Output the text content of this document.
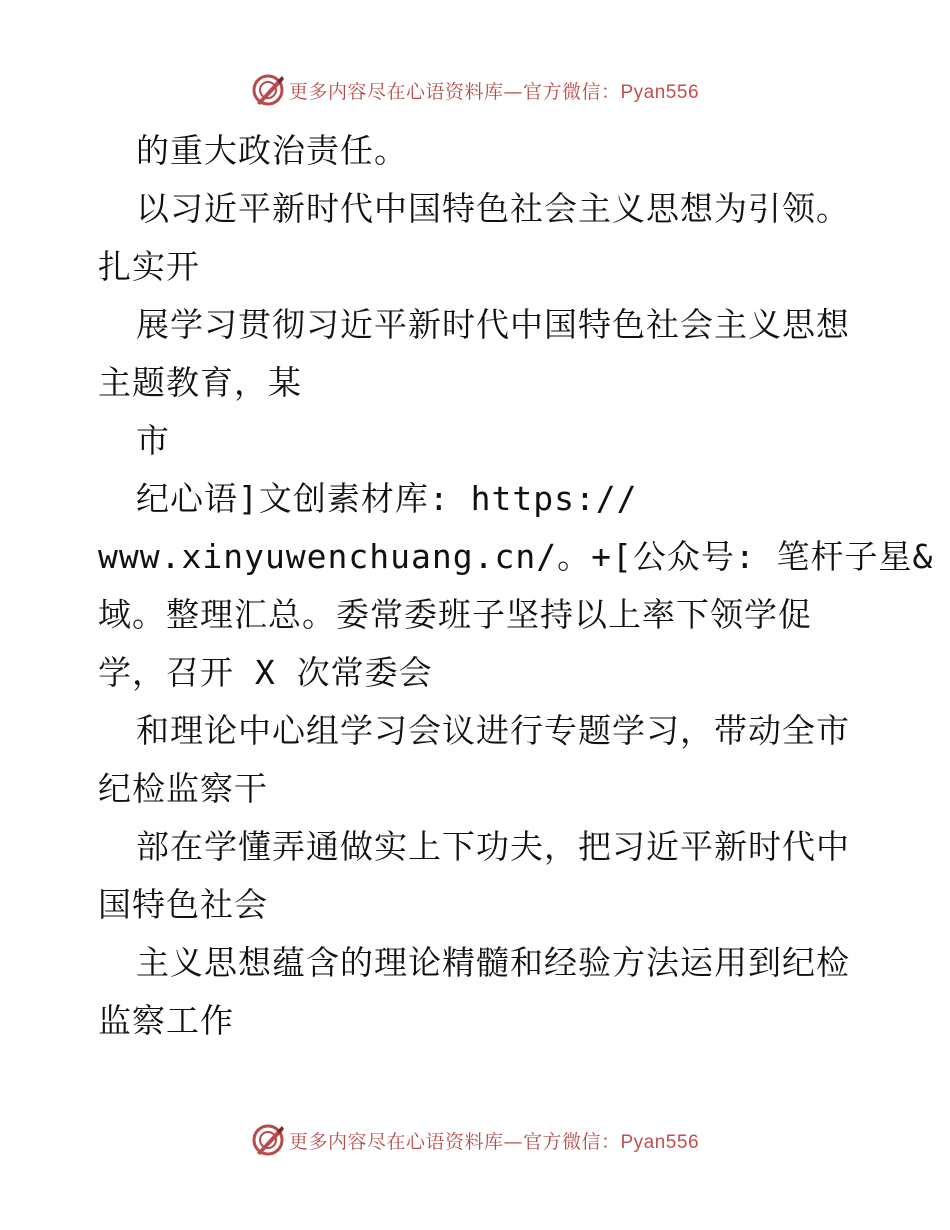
更多内容尽在心语资料库—官方微信：Pyan556
的重大政治责任。
以习近平新时代中国特色社会主义思想为引领。
扎实开
展学习贯彻习近平新时代中国特色社会主义思想
主题教育，某
市
纪心语]文创素材库: https://
www.xinyuwenchuang.cn/。+[公众号: 笔杆子星&
域。整理汇总。委常委班子坚持以上率下领学促
学，召开 X 次常委会
和理论中心组学习会议进行专题学习，带动全市
纪检监察干
部在学懂弄通做实上下功夫，把习近平新时代中
国特色社会
主义思想蕴含的理论精髓和经验方法运用到纪检
监察工作
更多内容尽在心语资料库—官方微信：Pyan556
